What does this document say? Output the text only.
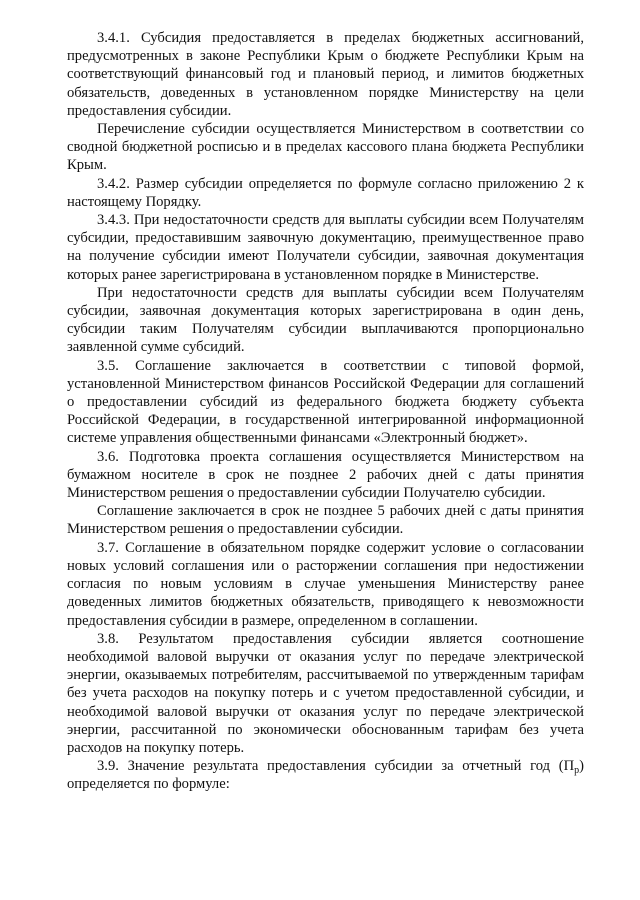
3.4.1. Субсидия предоставляется в пределах бюджетных ассигнований, предусмотренных в законе Республики Крым о бюджете Республики Крым на соответствующий финансовый год и плановый период, и лимитов бюджетных обязательств, доведенных в установленном порядке Министерству на цели предоставления субсидии.

Перечисление субсидии осуществляется Министерством в соответствии со сводной бюджетной росписью и в пределах кассового плана бюджета Республики Крым.

3.4.2. Размер субсидии определяется по формуле согласно приложению 2 к настоящему Порядку.

3.4.3. При недостаточности средств для выплаты субсидии всем Получателям субсидии, предоставившим заявочную документацию, преимущественное право на получение субсидии имеют Получатели субсидии, заявочная документация которых ранее зарегистрирована в установленном порядке в Министерстве.

При недостаточности средств для выплаты субсидии всем Получателям субсидии, заявочная документация которых зарегистрирована в один день, субсидии таким Получателям субсидии выплачиваются пропорционально заявленной сумме субсидий.

3.5. Соглашение заключается в соответствии с типовой формой, установленной Министерством финансов Российской Федерации для соглашений о предоставлении субсидий из федерального бюджета бюджету субъекта Российской Федерации, в государственной интегрированной информационной системе управления общественными финансами «Электронный бюджет».

3.6. Подготовка проекта соглашения осуществляется Министерством на бумажном носителе в срок не позднее 2 рабочих дней с даты принятия Министерством решения о предоставлении субсидии Получателю субсидии.

Соглашение заключается в срок не позднее 5 рабочих дней с даты принятия Министерством решения о предоставлении субсидии.

3.7. Соглашение в обязательном порядке содержит условие о согласовании новых условий соглашения или о расторжении соглашения при недостижении согласия по новым условиям в случае уменьшения Министерству ранее доведенных лимитов бюджетных обязательств, приводящего к невозможности предоставления субсидии в размере, определенном в соглашении.

3.8. Результатом предоставления субсидии является соотношение необходимой валовой выручки от оказания услуг по передаче электрической энергии, оказываемых потребителям, рассчитываемой по утвержденным тарифам без учета расходов на покупку потерь и с учетом предоставленной субсидии, и необходимой валовой выручки от оказания услуг по передаче электрической энергии, рассчитанной по экономически обоснованным тарифам без учета расходов на покупку потерь.

3.9. Значение результата предоставления субсидии за отчетный год $(П_р)$ определяется по формуле:
